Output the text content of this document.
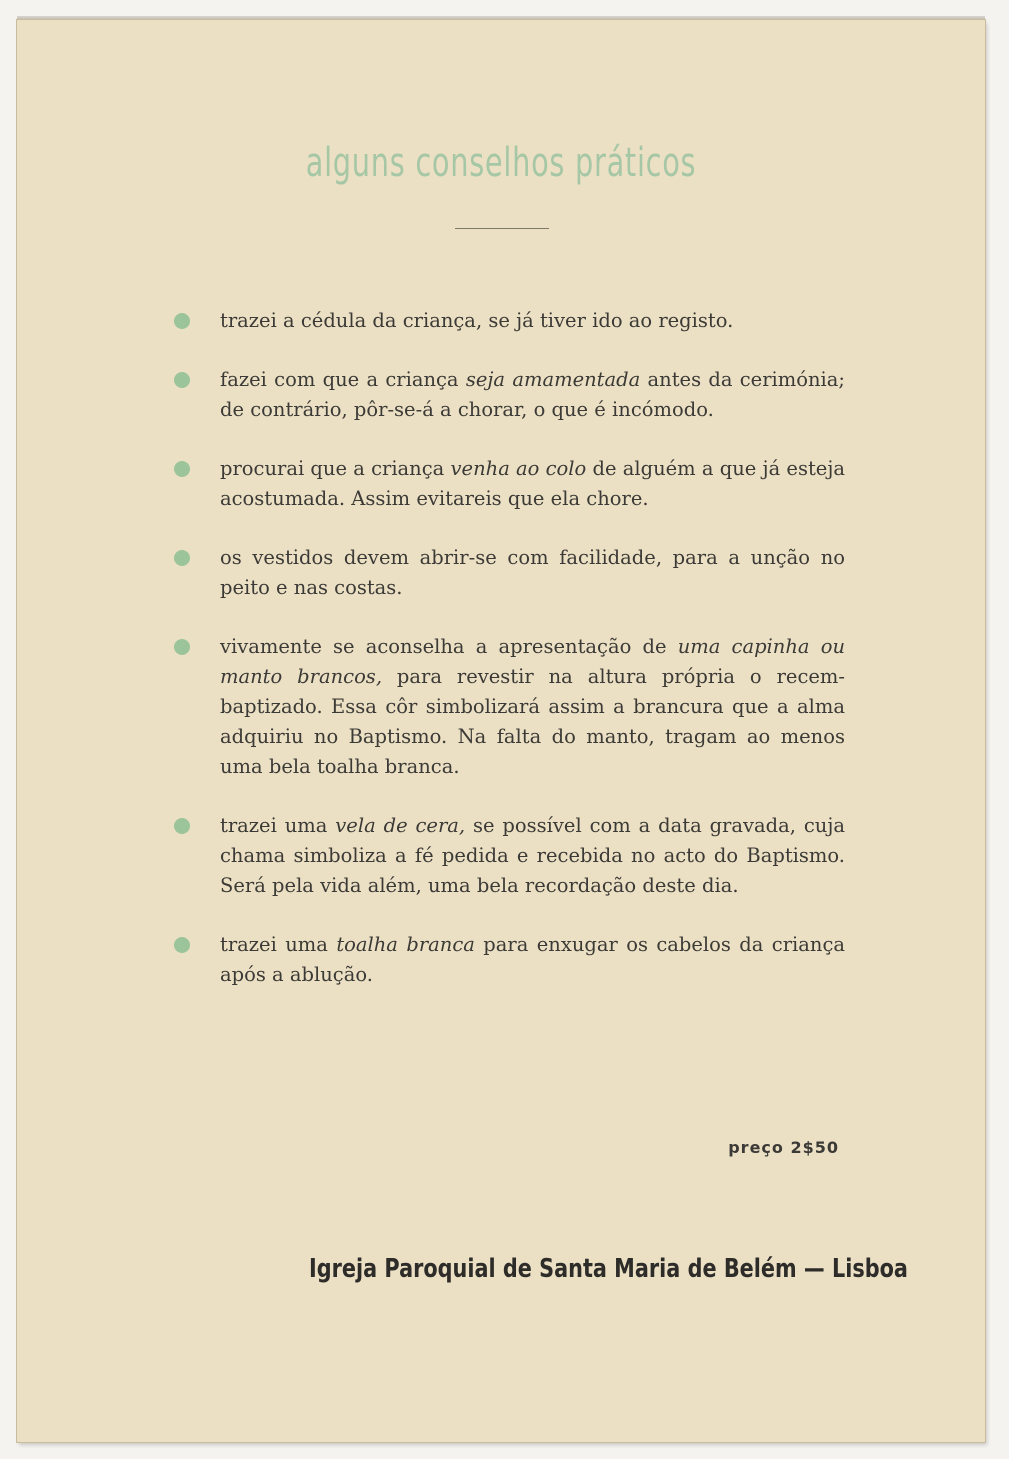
alguns conselhos práticos
trazei a cédula da criança, se já tiver ido ao registo.
fazei com que a criança seja amamentada antes da cerimónia; de contrário, pôr-se-á a chorar, o que é incómodo.
procurai que a criança venha ao colo de alguém a que já esteja acostumada. Assim evitareis que ela chore.
os vestidos devem abrir-se com facilidade, para a unção no peito e nas costas.
vivamente se aconselha a apresentação de uma capinha ou manto brancos, para revestir na altura própria o recem-baptizado. Essa côr simbolizará assim a brancura que a alma adquiriu no Baptismo. Na falta do manto, tragam ao menos uma bela toalha branca.
trazei uma vela de cera, se possível com a data gravada, cuja chama simboliza a fé pedida e recebida no acto do Baptismo. Será pela vida além, uma bela recordação deste dia.
trazei uma toalha branca para enxugar os cabelos da criança após a ablução.
preço 2$50
Igreja Paroquial de Santa Maria de Belém — Lisboa
